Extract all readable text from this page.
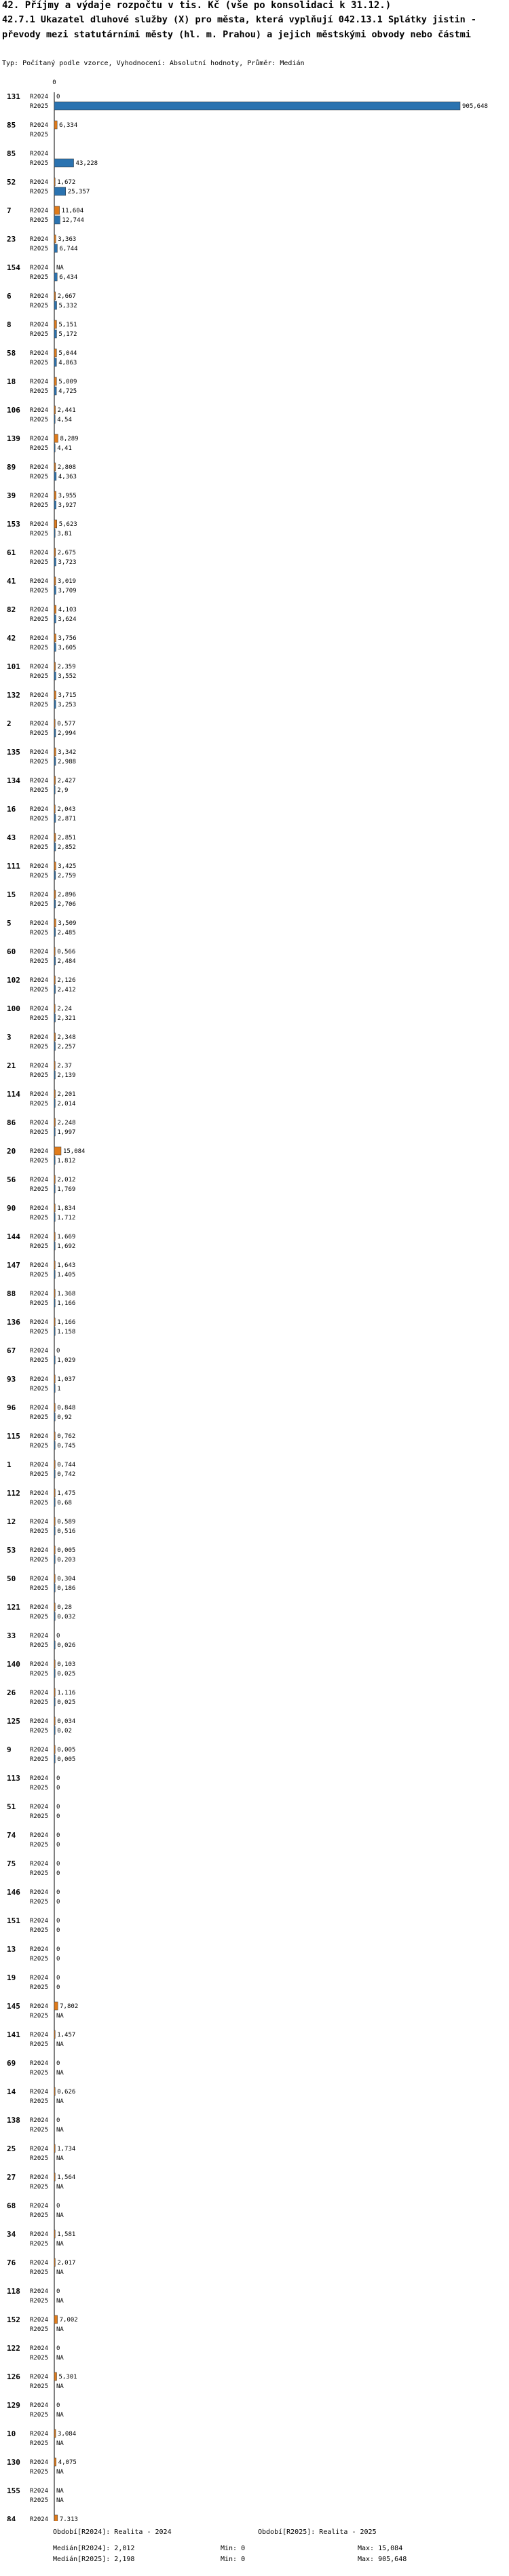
42. Příjmy a výdaje rozpočtu v tis. Kč (vše po konsolidaci k 31.12.)
42.7.1 Ukazatel dluhové služby (X) pro města, která vyplňují 042.13.1 Splátky jistin - převody mezi statutárními městy (hl. m. Prahou) a jejich městskými obvody nebo částmi
Typ: Počítaný podle vzorce, Vyhodnocení: Absolutní hodnoty, Průměr: Medián
0
131 R2024 0
R2025	905,648
85 R2024 6,334
R2025
85 R2024
R2025	43,228
52 R2024 1,672
R2025	25,357
7	R2024 11,604
R2025 12,744
23 R2024 3,363
R2025 6,744
154 R2024 NA
R2025 6,434
6	R2024 2,667
R2025 5,332
8	R2024 5,151
R2025 5,172
58 R2024 5,044
R2025 4,863
18 R2024 5,009
R2025 4,725
106 R2024 2,441
R2025 4,54
139 R2024 8,289
R2025 4,41
89 R2024 2,808
R2025 4,363
39 R2024 3,955
R2025 3,927
153 R2024 5,623
R2025 3,81
61 R2024 2,675
R2025 3,723
41 R2024 3,019
R2025 3,709
82 R2024 4,103
R2025 3,624
42 R2024 3,756
R2025 3,605
101 R2024 2,359
R2025 3,552
132 R2024 3,715
R2025 3,253
2	R2024 0,577
R2025 2,994
135 R2024 3,342
R2025 2,988
134 R2024 2,427
R2025 2,9
16 R2024 2,043
R2025 2,871
43 R2024 2,851
R2025 2,852
111 R2024 3,425
R2025 2,759
15 R2024 2,896
R2025 2,706
5	R2024 3,509
R2025 2,485
60 R2024 0,566
R2025 2,484
102 R2024 2,126
R2025 2,412
100 R2024 2,24
R2025 2,321
3	R2024 2,348
R2025 2,257
21 R2024 2,37
R2025 2,139
114 R2024 2,201
R2025 2,014
86 R2024 2,248
R2025 1,997
20 R2024 15,084
R2025 1,812
56 R2024 2,012
R2025 1,769
90 R2024 1,834
R2025 1,712
144 R2024 1,669
R2025 1,692
147 R2024 1,643
R2025 1,405
88 R2024 1,368
R2025 1,166
136 R2024 1,166
R2025 1,158
67 R2024 0
R2025 1,029
93 R2024 1,037
R2025 1
96 R2024 0,848
R2025 0,92
115 R2024 0,762
R2025 0,745
1	R2024 0,744
R2025 0,742
112 R2024 1,475
R2025 0,68
12 R2024 0,589
R2025 0,516
53 R2024 0,005
R2025 0,203
50 R2024 0,304
R2025 0,186
121 R2024 0,28
R2025 0,032
33 R2024 0
R2025 0,026
140 R2024 0,103
R2025 0,025
26 R2024 1,116
R2025 0,025
125 R2024 0,034
R2025 0,02
9	R2024 0,005
R2025 0,005
113 R2024 0
R2025 0
51 R2024 0
R2025 0
74 R2024 0
R2025 0
75 R2024 0
R2025 0
146 R2024 0
R2025 0
151 R2024 0
R2025 0
13 R2024 0
R2025 0
19 R2024 0
R2025 0
145 R2024 7,802
R2025 NA
141 R2024 1,457
R2025 NA
69 R2024 0
R2025 NA
14 R2024 0,626
R2025 NA
138 R2024 0
R2025 NA
25 R2024 1,734
R2025 NA
27 R2024 1,564
R2025 NA
68 R2024 0
R2025 NA
34 R2024 1,581
R2025 NA
76 R2024 2,017
R2025 NA
118 R2024 0
R2025 NA
152 R2024 7,002
R2025 NA
122 R2024 0
R2025 NA
126 R2024 5,301
R2025 NA
129 R2024 0
R2025 NA
10 R2024 3,084
R2025 NA
130 R2024 4,075
R2025 NA
155 R2024 NA
R2025 NA
84 R2024 7,313
Období[R2024]: Realita - 2024	Období[R2025]: Realita - 2025
Medián[R2024]: 2,012	Min: 0	Max: 15,084
Medián[R2025]: 2,198	Min: 0	Max: 905,648
